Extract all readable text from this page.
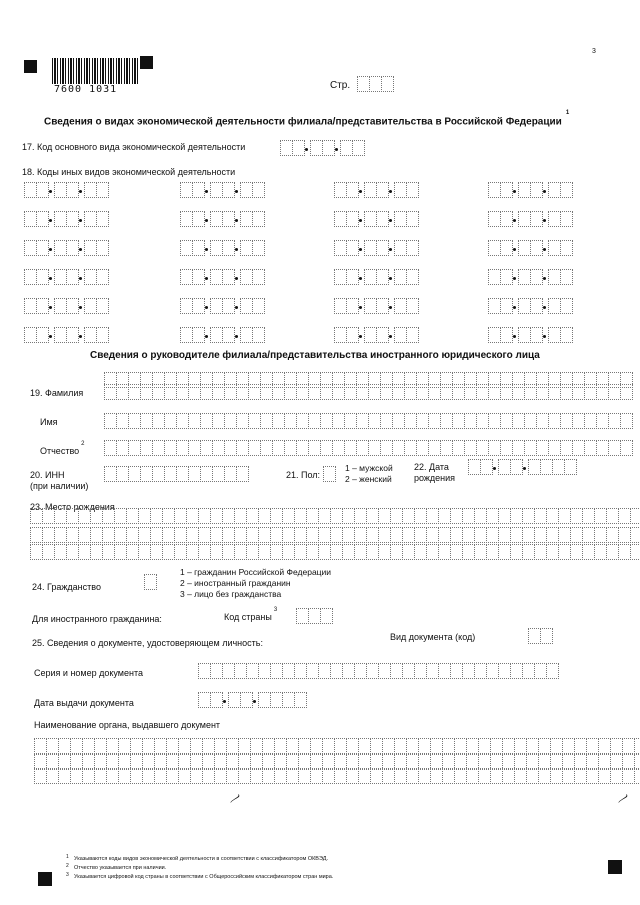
7600 1031
3
Стр.
Сведения о видах экономической деятельности филиала/представительства в Российской Федерации$^1$
17. Код основного вида экономической деятельности
18. Коды иных видов экономической деятельности
Сведения о руководителе филиала/представительства иностранного юридического лица
19. Фамилия
Имя
Отчество$^2$
20. ИНН
(при наличии)
21. Пол:
1 – мужской
2 – женский
22. Дата
рождения
23. Место рождения
24. Гражданство
1 – гражданин Российской Федерации
2 – иностранный гражданин
3 – лицо без гражданства
Для иностранного гражданина:	Код страны$^3$
25. Сведения о документе, удостоверяющем личность:
Вид документа (код)
Серия и номер документа
Дата выдачи документа
Наименование органа, выдавшего документ
〳	〳
1 Указываются коды видов экономической деятельности в соответствии с классификатором ОКВЭД.
2 Отчество указывается при наличии.
3 Указывается цифровой код страны в соответствии с Общероссийским классификатором стран мира.
